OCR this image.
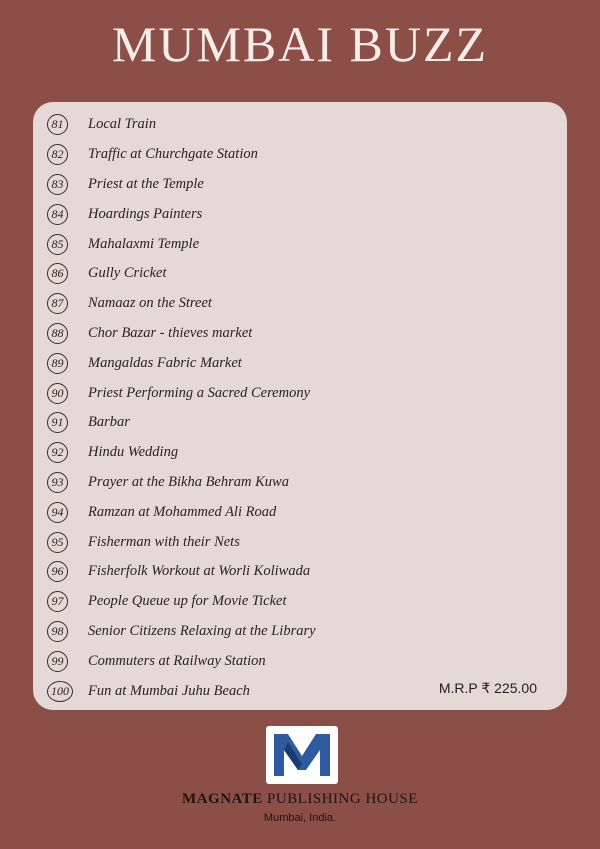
MUMBAI BUZZ
81	Local Train
82	Traffic at Churchgate Station
83	Priest at the Temple
84	Hoardings Painters
85	Mahalaxmi Temple
86	Gully Cricket
87	Namaaz on the Street
88	Chor Bazar - thieves market
89	Mangaldas Fabric Market
90	Priest Performing a Sacred Ceremony
91	Barbar
92	Hindu Wedding
93	Prayer at the Bikha Behram Kuwa
94	Ramzan at Mohammed Ali Road
95	Fisherman with their Nets
96	Fisherfolk Workout at Worli Koliwada
97	People Queue up for Movie Ticket
98	Senior Citizens Relaxing at the Library
99	Commuters at Railway Station
100 Fun at Mumbai Juhu Beach	M.R.P ₹ 225.00
MAGNATE PUBLISHING HOUSE
Mumbai, India.
